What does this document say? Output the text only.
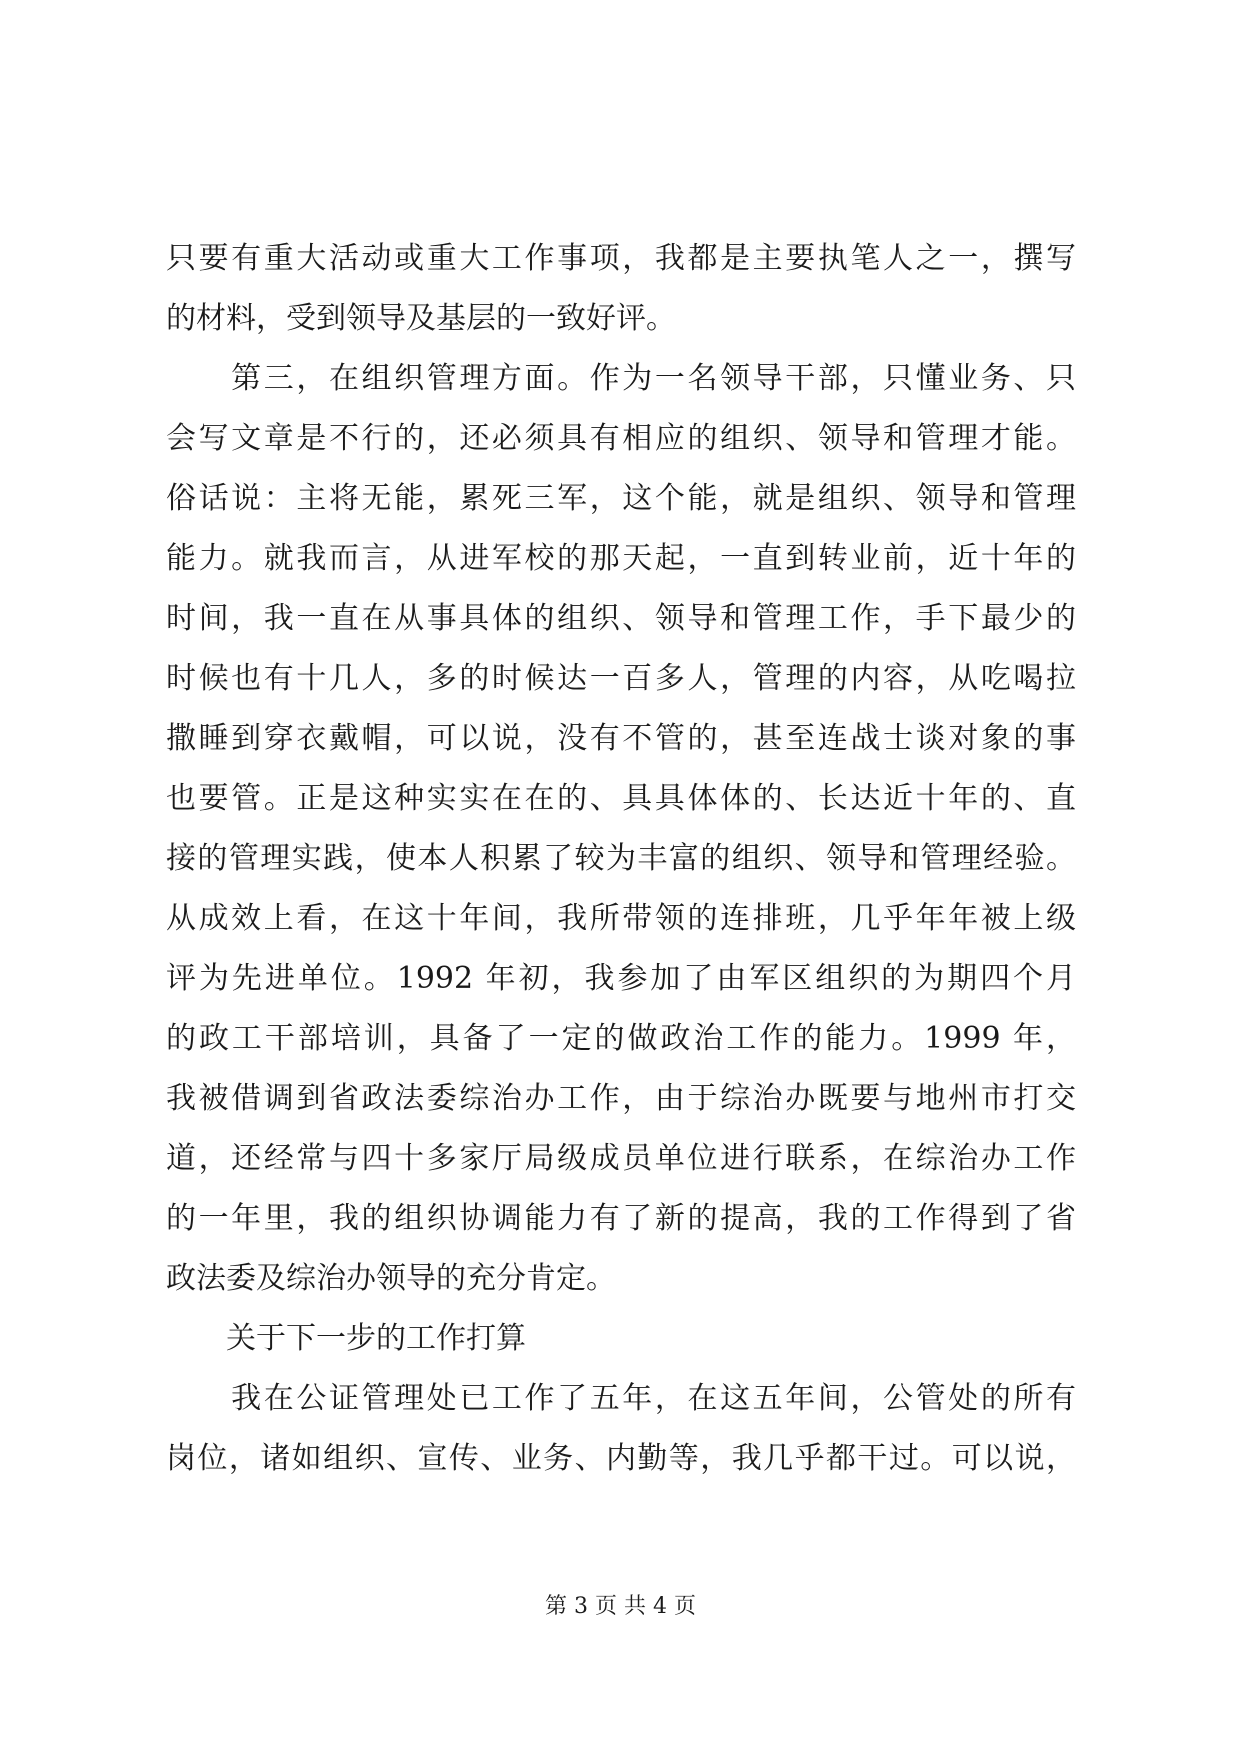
只要有重大活动或重大工作事项，我都是主要执笔人之一，撰写
的材料，受到领导及基层的一致好评。
　　第三，在组织管理方面。作为一名领导干部，只懂业务、只
会写文章是不行的，还必须具有相应的组织、领导和管理才能。
俗话说：主将无能，累死三军，这个能，就是组织、领导和管理
能力。就我而言，从进军校的那天起，一直到转业前，近十年的
时间，我一直在从事具体的组织、领导和管理工作，手下最少的
时候也有十几人，多的时候达一百多人，管理的内容，从吃喝拉
撒睡到穿衣戴帽，可以说，没有不管的，甚至连战士谈对象的事
也要管。正是这种实实在在的、具具体体的、长达近十年的、直
接的管理实践，使本人积累了较为丰富的组织、领导和管理经验。
从成效上看，在这十年间，我所带领的连排班，几乎年年被上级
评为先进单位。1992 年初，我参加了由军区组织的为期四个月
的政工干部培训，具备了一定的做政治工作的能力。1999 年，
我被借调到省政法委综治办工作，由于综治办既要与地州市打交
道，还经常与四十多家厅局级成员单位进行联系，在综治办工作
的一年里，我的组织协调能力有了新的提高，我的工作得到了省
政法委及综治办领导的充分肯定。
　　关于下一步的工作打算
　　我在公证管理处已工作了五年，在这五年间，公管处的所有
岗位，诸如组织、宣传、业务、内勤等，我几乎都干过。可以说，
第 3 页 共 4 页
